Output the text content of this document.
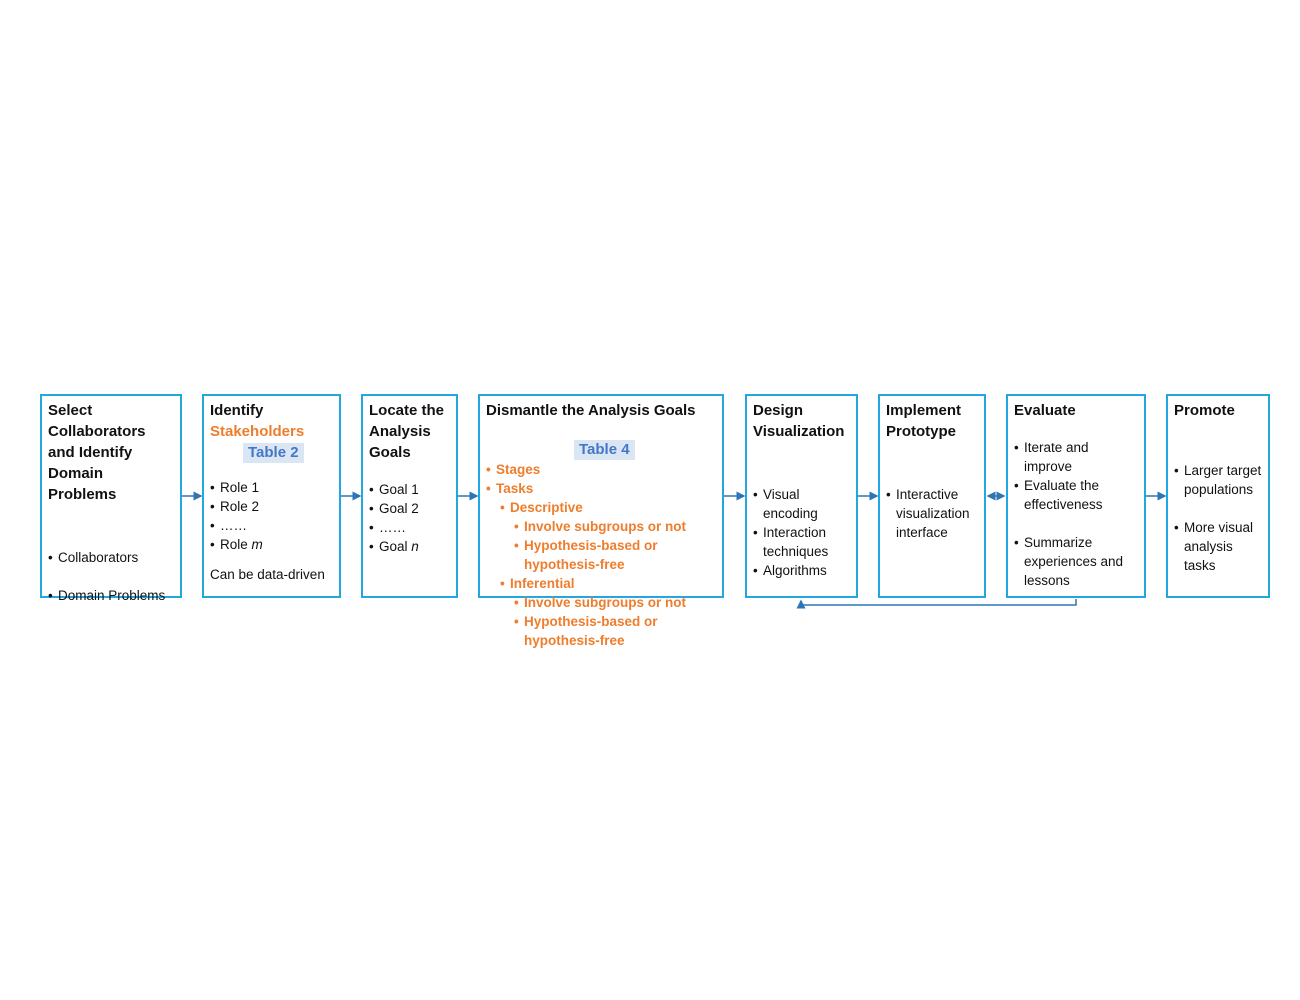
Select Collaborators and Identify Domain Problems
• Collaborators
• Domain Problems
Identify
Stakeholders
Table 2
• Role 1
• Role 2
• ……
• Role m
Can be data-driven
Locate the Analysis Goals
• Goal 1
• Goal 2
• ……
• Goal n
Dismantle the Analysis Goals
Table 4
• Stages
• Tasks
• Descriptive
• Involve subgroups or not
• Hypothesis-based or hypothesis-free
• Inferential
• Involve subgroups or not
• Hypothesis-based or hypothesis-free
Design Visualization
• Visual encoding
• Interaction techniques
• Algorithms
Implement Prototype
• Interactive visualization interface
Evaluate
• Iterate and improve
• Evaluate the effectiveness
• Summarize experiences and lessons
Promote
• Larger target populations
• More visual analysis tasks
